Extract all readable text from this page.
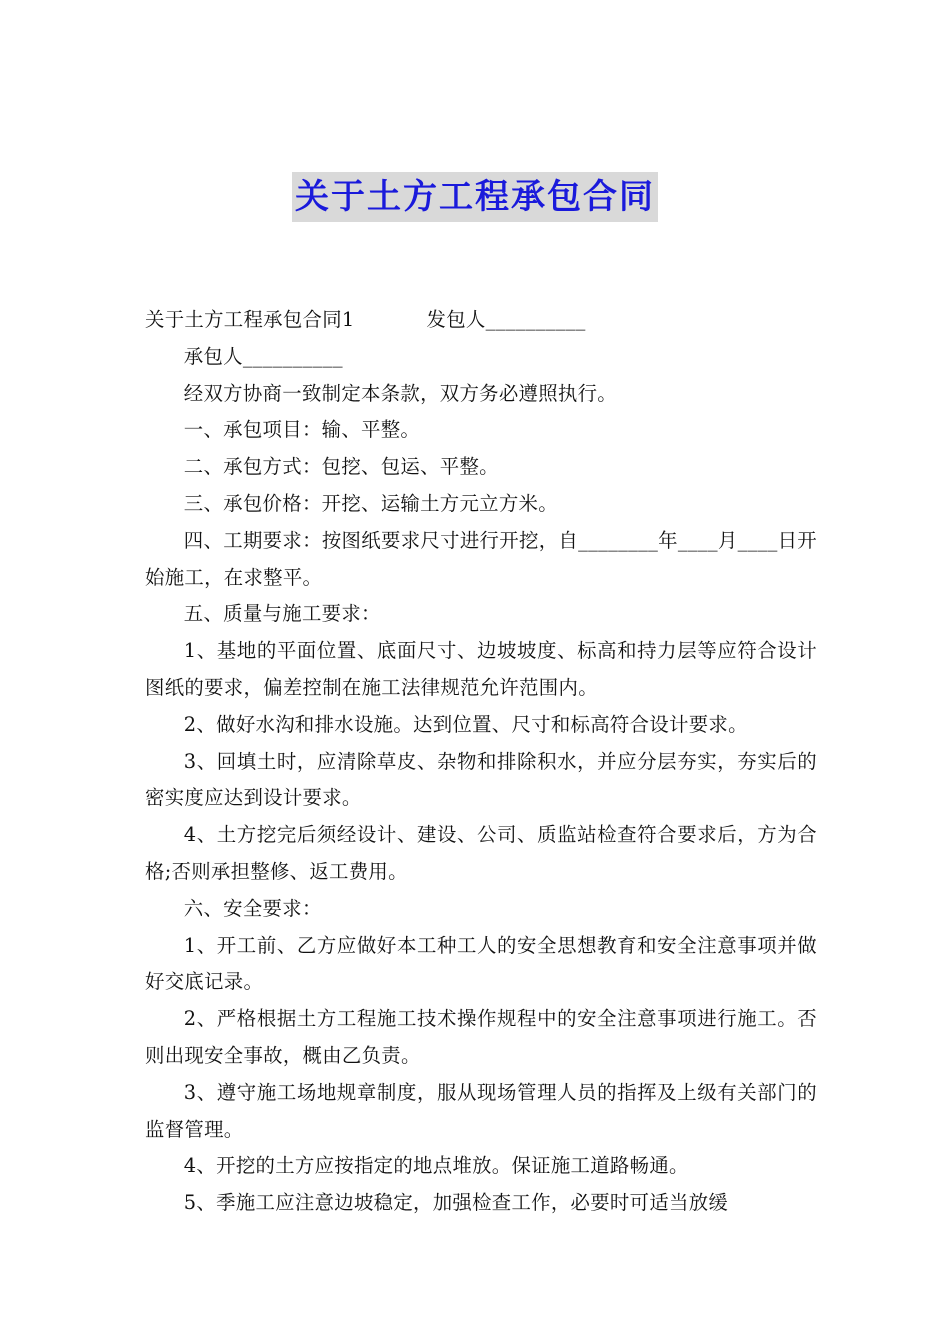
关于土方工程承包合同

关于土方工程承包合同1	发包人__________

承包人__________

经双方协商一致制定本条款，双方务必遵照执行。

一、承包项目：输、平整。

二、承包方式：包挖、包运、平整。

三、承包价格：开挖、运输土方元立方米。

四、工期要求：按图纸要求尺寸进行开挖，自________年____月____日开始施工，在求整平。

五、质量与施工要求：

1、基地的平面位置、底面尺寸、边坡坡度、标高和持力层等应符合设计图纸的要求，偏差控制在施工法律规范允许范围内。

2、做好水沟和排水设施。达到位置、尺寸和标高符合设计要求。

3、回填土时，应清除草皮、杂物和排除积水，并应分层夯实，夯实后的密实度应达到设计要求。

4、土方挖完后须经设计、建设、公司、质监站检查符合要求后，方为合格;否则承担整修、返工费用。

六、安全要求：

1、开工前、乙方应做好本工种工人的安全思想教育和安全注意事项并做好交底记录。

2、严格根据土方工程施工技术操作规程中的安全注意事项进行施工。否则出现安全事故，概由乙负责。

3、遵守施工场地规章制度，服从现场管理人员的指挥及上级有关部门的监督管理。

4、开挖的土方应按指定的地点堆放。保证施工道路畅通。

5、季施工应注意边坡稳定，加强检查工作，必要时可适当放缓
